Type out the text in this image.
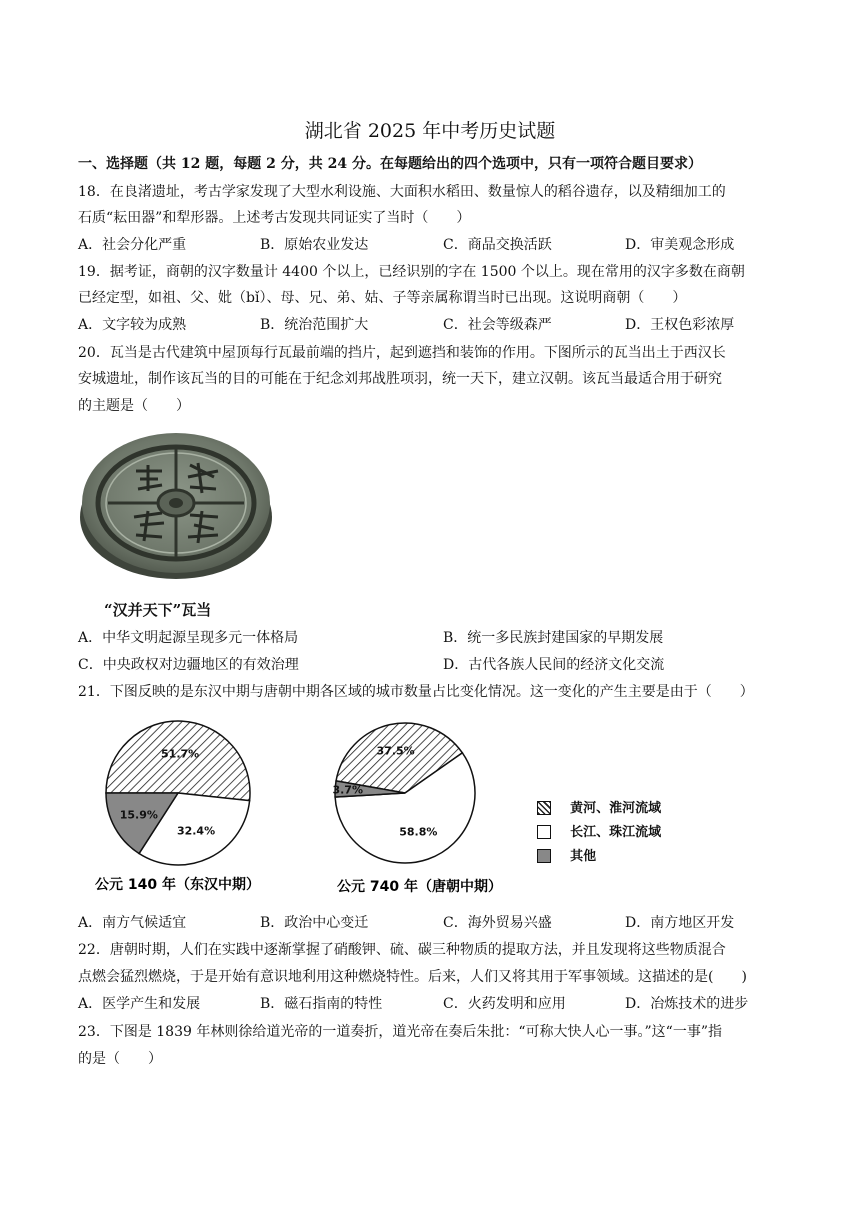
湖北省 2025 年中考历史试题
一、选择题（共 12 题，每题 2 分，共 24 分。在每题给出的四个选项中，只有一项符合题目要求）
18．在良渚遗址，考古学家发现了大型水利设施、大面积水稻田、数量惊人的稻谷遗存，以及精细加工的
石质“耘田器”和犁形器。上述考古发现共同证实了当时（　　）
A．社会分化严重	B．原始农业发达	C．商品交换活跃	D．审美观念形成
19．据考证，商朝的汉字数量计 4400 个以上，已经识别的字在 1500 个以上。现在常用的汉字多数在商朝
已经定型，如祖、父、妣（bǐ）、母、兄、弟、姑、子等亲属称谓当时已出现。这说明商朝（　　）
A．文字较为成熟	B．统治范围扩大	C．社会等级森严	D．王权色彩浓厚
20．瓦当是古代建筑中屋顶每行瓦最前端的挡片，起到遮挡和装饰的作用。下图所示的瓦当出土于西汉长
安城遗址，制作该瓦当的目的可能在于纪念刘邦战胜项羽，统一天下，建立汉朝。该瓦当最适合用于研究
的主题是（　　）
“汉并天下”瓦当
A．中华文明起源呈现多元一体格局	B．统一多民族封建国家的早期发展
C．中央政权对边疆地区的有效治理	D．古代各族人民间的经济文化交流
21．下图反映的是东汉中期与唐朝中期各区域的城市数量占比变化情况。这一变化的产生主要是由于（　　）
51.7%
32.4%
15.9%
37.5%
58.8%
3.7%
公元 140 年（东汉中期）	公元 740 年（唐朝中期）
黄河、淮河流域
长江、珠江流域
其他
A．南方气候适宜	B．政治中心变迁	C．海外贸易兴盛	D．南方地区开发
22．唐朝时期，人们在实践中逐渐掌握了硝酸钾、硫、碳三种物质的提取方法，并且发现将这些物质混合
点燃会猛烈燃烧，于是开始有意识地利用这种燃烧特性。后来，人们又将其用于军事领域。这描述的是(　　)
A．医学产生和发展	B．磁石指南的特性	C．火药发明和应用	D．冶炼技术的进步
23．下图是 1839 年林则徐给道光帝的一道奏折，道光帝在奏后朱批：“可称大快人心一事。”这“一事”指
的是（　　）
